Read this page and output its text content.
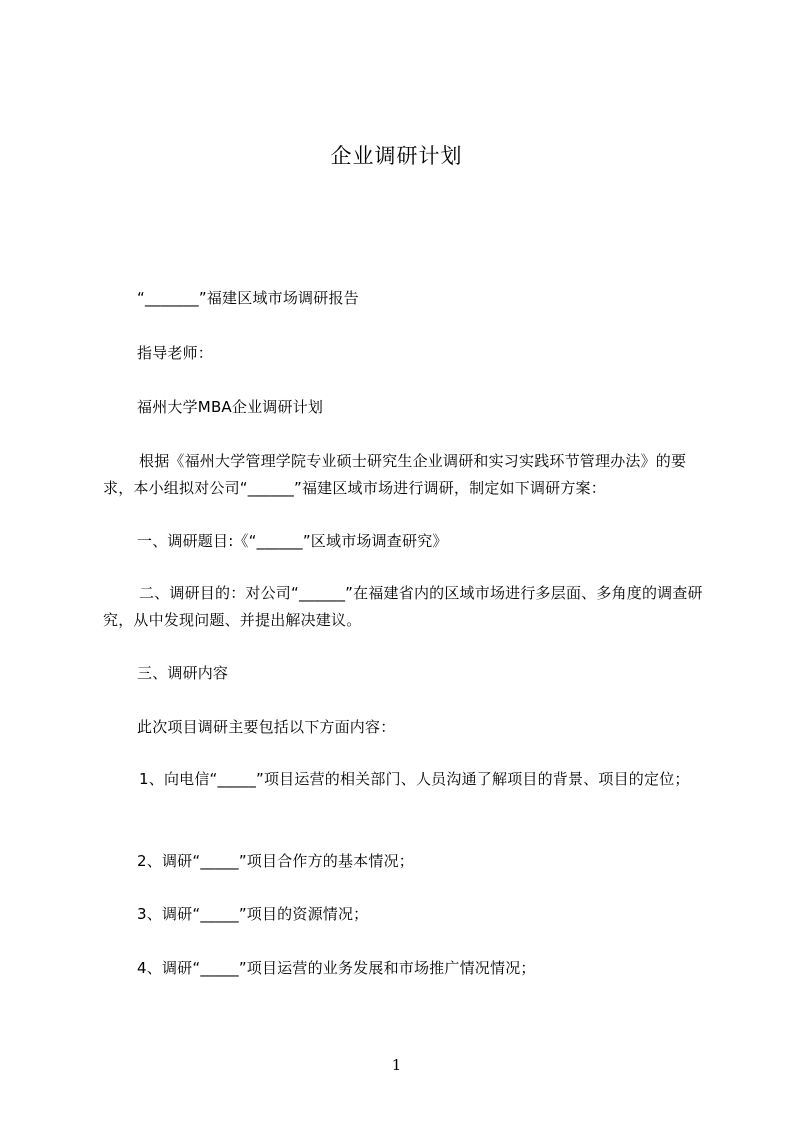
企业调研计划

“_______”福建区域市场调研报告

指导老师：

福州大学MBA企业调研计划

根据《福州大学管理学院专业硕士研究生企业调研和实习实践环节管理办法》的要求，本小组拟对公司“______”福建区域市场进行调研，制定如下调研方案：

一、调研题目:《“______”区域市场调查研究》

二、调研目的：对公司“______”在福建省内的区域市场进行多层面、多角度的调查研究，从中发现问题、并提出解决建议。

三、调研内容

此次项目调研主要包括以下方面内容：

1、向电信“_____”项目运营的相关部门、人员沟通了解项目的背景、项目的定位；

2、调研“_____”项目合作方的基本情况；

3、调研“_____”项目的资源情况；

4、调研“_____”项目运营的业务发展和市场推广情况情况；

1
